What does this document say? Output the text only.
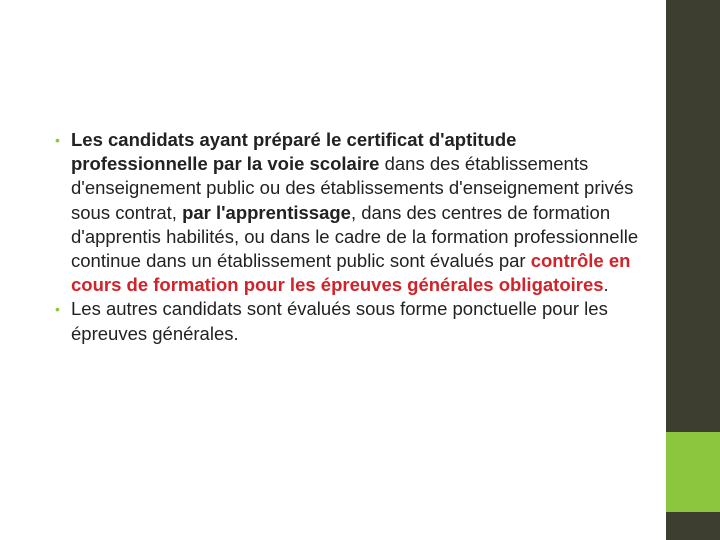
• Les candidats ayant préparé le certificat d'aptitude professionnelle par la voie scolaire dans des établissements d'enseignement public ou des établissements d'enseignement privés sous contrat, par l'apprentissage, dans des centres de formation d'apprentis habilités, ou dans le cadre de la formation professionnelle continue dans un établissement public sont évalués par contrôle en cours de formation pour les épreuves générales obligatoires.
• Les autres candidats sont évalués sous forme ponctuelle pour les épreuves générales.
